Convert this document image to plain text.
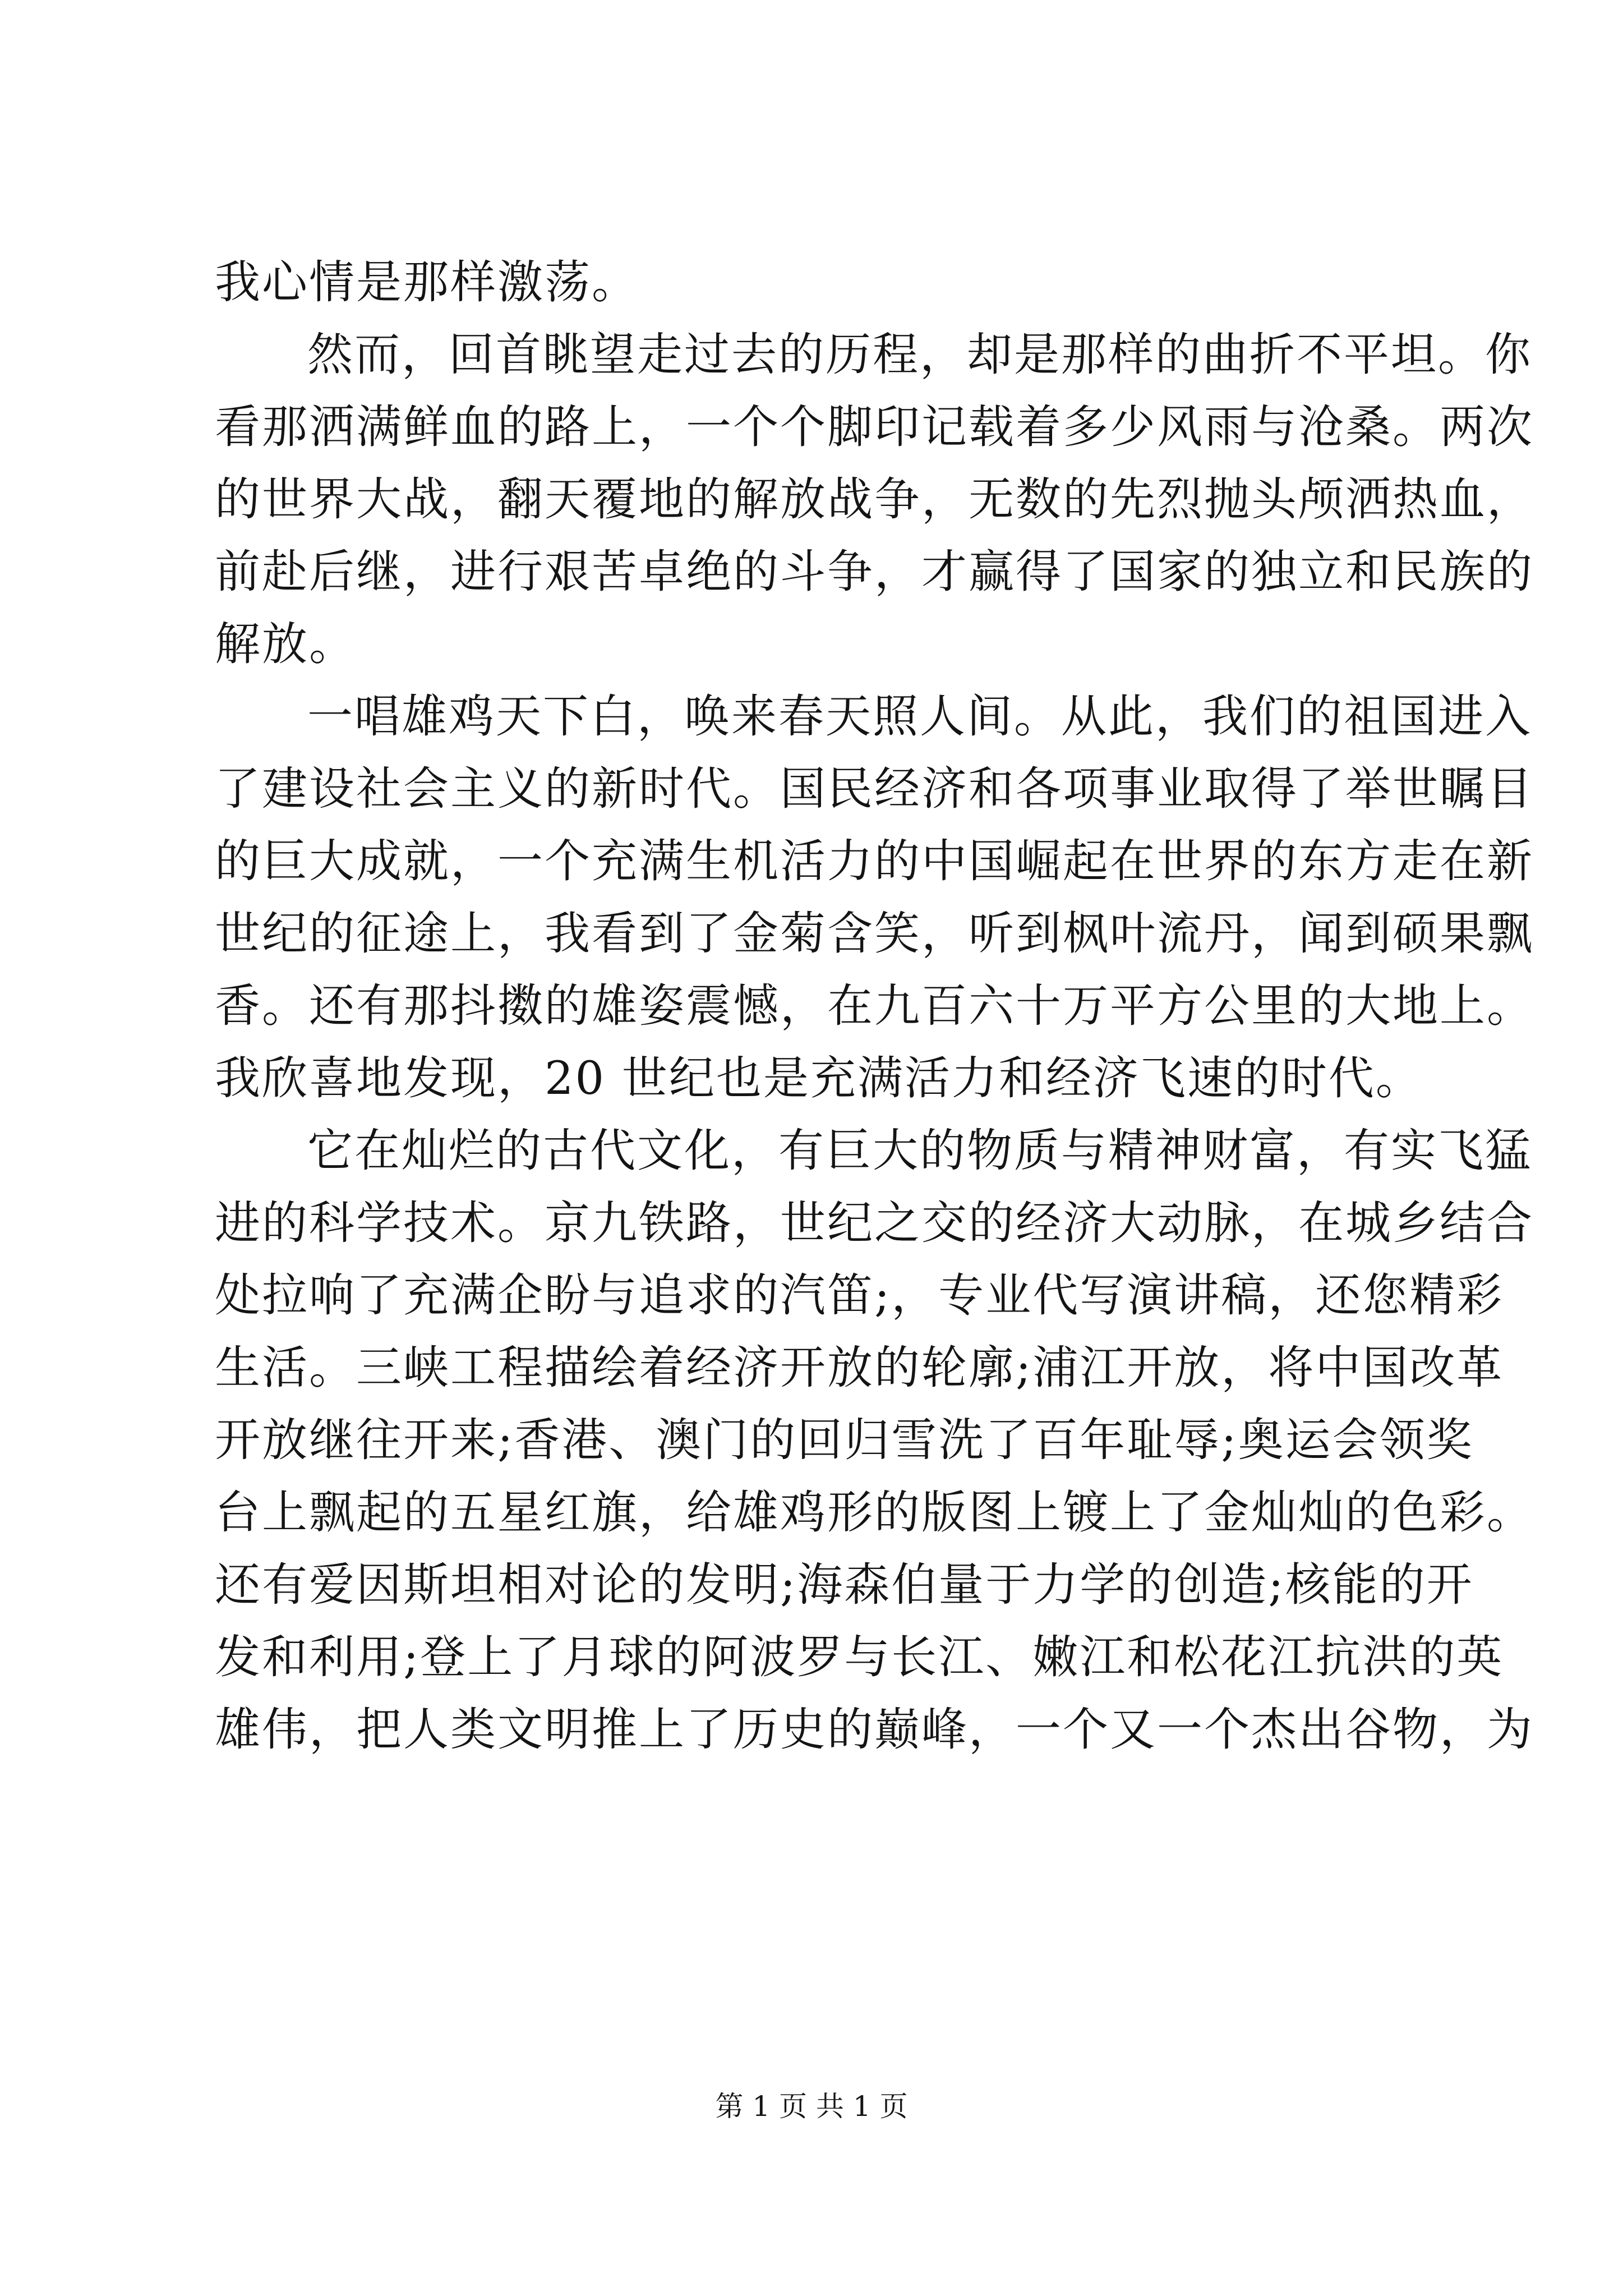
我心情是那样激荡。
然而，回首眺望走过去的历程，却是那样的曲折不平坦。你
看那洒满鲜血的路上，一个个脚印记载着多少风雨与沧桑。两次
的世界大战，翻天覆地的解放战争，无数的先烈抛头颅洒热血，
前赴后继，进行艰苦卓绝的斗争，才赢得了国家的独立和民族的
解放。
一唱雄鸡天下白，唤来春天照人间。从此，我们的祖国进入
了建设社会主义的新时代。国民经济和各项事业取得了举世瞩目
的巨大成就，一个充满生机活力的中国崛起在世界的东方走在新
世纪的征途上，我看到了金菊含笑，听到枫叶流丹，闻到硕果飘
香。还有那抖擞的雄姿震憾，在九百六十万平方公里的大地上。
我欣喜地发现，20 世纪也是充满活力和经济飞速的时代。
它在灿烂的古代文化，有巨大的物质与精神财富，有实飞猛
进的科学技术。京九铁路，世纪之交的经济大动脉，在城乡结合
处拉响了充满企盼与追求的汽笛;，专业代写演讲稿，还您精彩
生活。三峡工程描绘着经济开放的轮廓;浦江开放，将中国改革
开放继往开来;香港、澳门的回归雪洗了百年耻辱;奥运会领奖
台上飘起的五星红旗，给雄鸡形的版图上镀上了金灿灿的色彩。
还有爱因斯坦相对论的发明;海森伯量于力学的创造;核能的开
发和利用;登上了月球的阿波罗与长江、嫩江和松花江抗洪的英
雄伟，把人类文明推上了历史的巅峰，一个又一个杰出谷物，为
第 1 页 共 1 页
